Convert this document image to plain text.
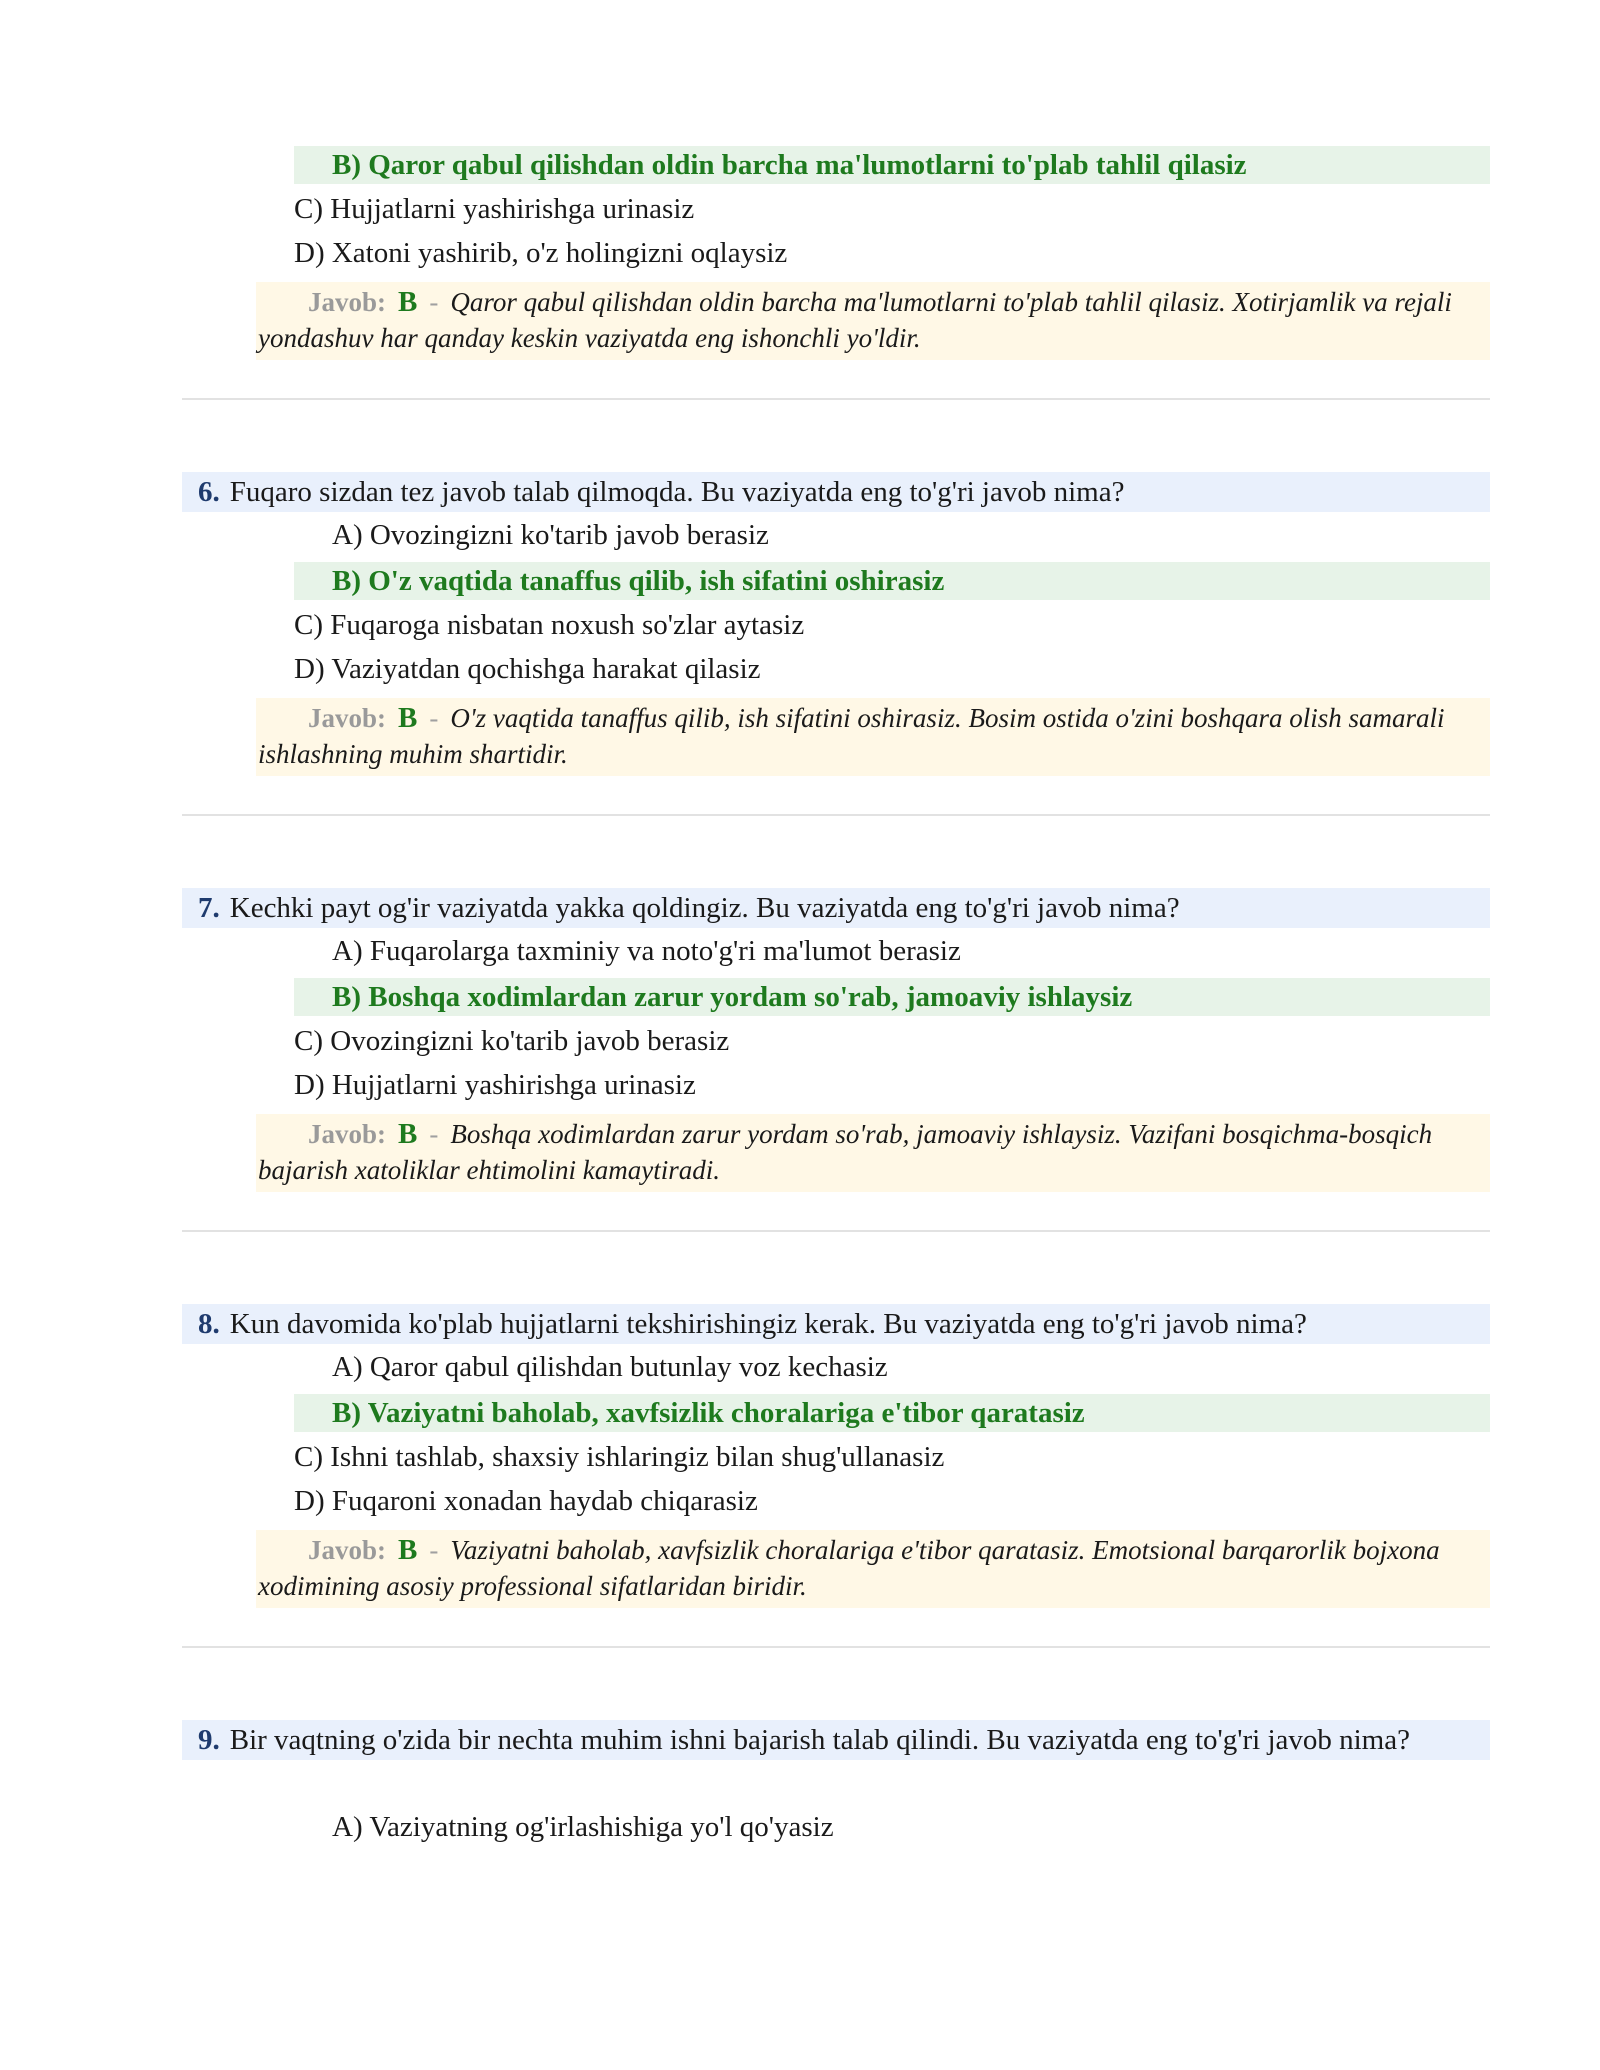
B) Qaror qabul qilishdan oldin barcha ma'lumotlarni to'plab tahlil qilasiz
C) Hujjatlarni yashirishga urinasiz
D) Xatoni yashirib, o'z holingizni oqlaysiz
Javob: B - Qaror qabul qilishdan oldin barcha ma'lumotlarni to'plab tahlil qilasiz. Xotirjamlik va rejali yondashuv har qanday keskin vaziyatda eng ishonchli yo'ldir.
6. Fuqaro sizdan tez javob talab qilmoqda. Bu vaziyatda eng to'g'ri javob nima?
A) Ovozingizni ko'tarib javob berasiz
B) O'z vaqtida tanaffus qilib, ish sifatini oshirasiz
C) Fuqaroga nisbatan noxush so'zlar aytasiz
D) Vaziyatdan qochishga harakat qilasiz
Javob: B - O'z vaqtida tanaffus qilib, ish sifatini oshirasiz. Bosim ostida o'zini boshqara olish samarali ishlashning muhim shartidir.
7. Kechki payt og'ir vaziyatda yakka qoldingiz. Bu vaziyatda eng to'g'ri javob nima?
A) Fuqarolarga taxminiy va noto'g'ri ma'lumot berasiz
B) Boshqa xodimlardan zarur yordam so'rab, jamoaviy ishlaysiz
C) Ovozingizni ko'tarib javob berasiz
D) Hujjatlarni yashirishga urinasiz
Javob: B - Boshqa xodimlardan zarur yordam so'rab, jamoaviy ishlaysiz. Vazifani bosqichma-bosqich bajarish xatoliklar ehtimolini kamaytiradi.
8. Kun davomida ko'plab hujjatlarni tekshirishingiz kerak. Bu vaziyatda eng to'g'ri javob nima?
A) Qaror qabul qilishdan butunlay voz kechasiz
B) Vaziyatni baholab, xavfsizlik choralariga e'tibor qaratasiz
C) Ishni tashlab, shaxsiy ishlaringiz bilan shug'ullanasiz
D) Fuqaroni xonadan haydab chiqarasiz
Javob: B - Vaziyatni baholab, xavfsizlik choralariga e'tibor qaratasiz. Emotsional barqarorlik bojxona xodimining asosiy professional sifatlaridan biridir.
9. Bir vaqtning o'zida bir nechta muhim ishni bajarish talab qilindi. Bu vaziyatda eng to'g'ri javob nima?
A) Vaziyatning og'irlashishiga yo'l qo'yasiz
